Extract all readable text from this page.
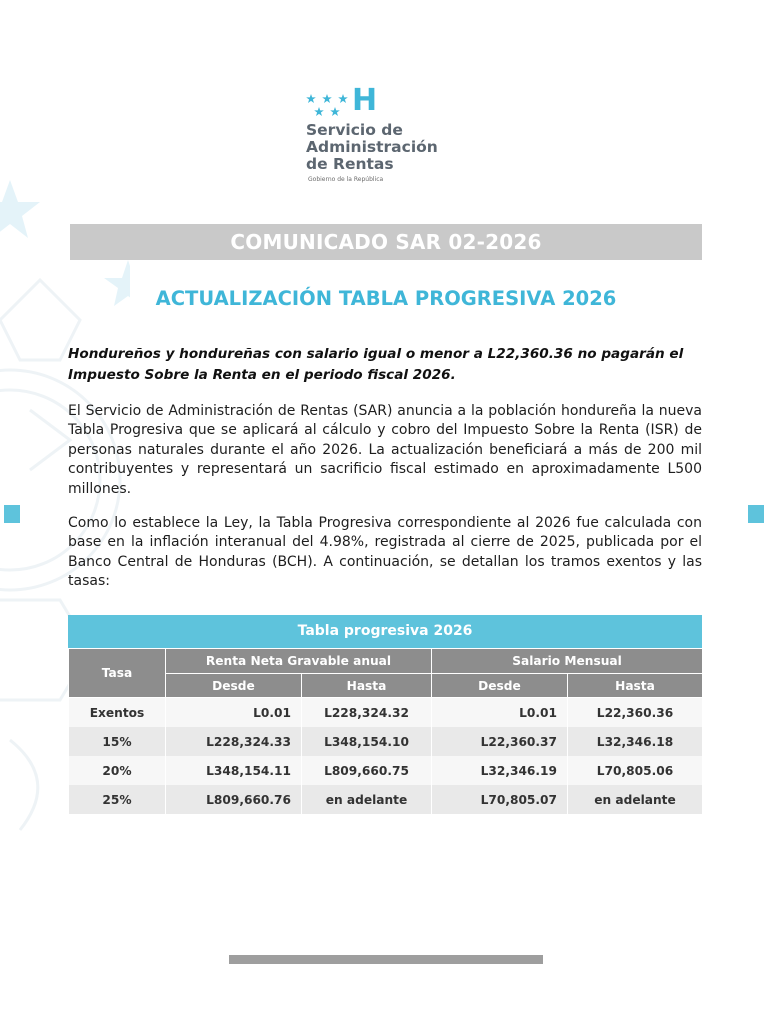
H
Servicio de
Administración
de Rentas
Gobierno de la República
COMUNICADO SAR 02-2026
ACTUALIZACIÓN TABLA PROGRESIVA 2026
Hondureños y hondureñas con salario igual o menor a L22,360.36 no pagarán el Impuesto Sobre la Renta en el periodo fiscal 2026.
El Servicio de Administración de Rentas (SAR) anuncia a la población hondureña la nueva Tabla Progresiva que se aplicará al cálculo y cobro del Impuesto Sobre la Renta (ISR) de personas naturales durante el año 2026. La actualización beneficiará a más de 200 mil contribuyentes y representará un sacrificio fiscal estimado en aproximadamente L500 millones.
Como lo establece la Ley, la Tabla Progresiva correspondiente al 2026 fue calculada con base en la inflación interanual del 4.98%, registrada al cierre de 2025, publicada por el Banco Central de Honduras (BCH). A continuación, se detallan los tramos exentos y las tasas:
Tabla progresiva 2026
Tasa	Renta Neta Gravable anual		Salario Mensual	
	Desde	Hasta	Desde	Hasta
Exentos	L0.01	L228,324.32	L0.01	L22,360.36
15%	L228,324.33	L348,154.10	L22,360.37	L32,346.18
20%	L348,154.11	L809,660.75	L32,346.19	L70,805.06
25%	L809,660.76	en adelante	L70,805.07	en adelante
